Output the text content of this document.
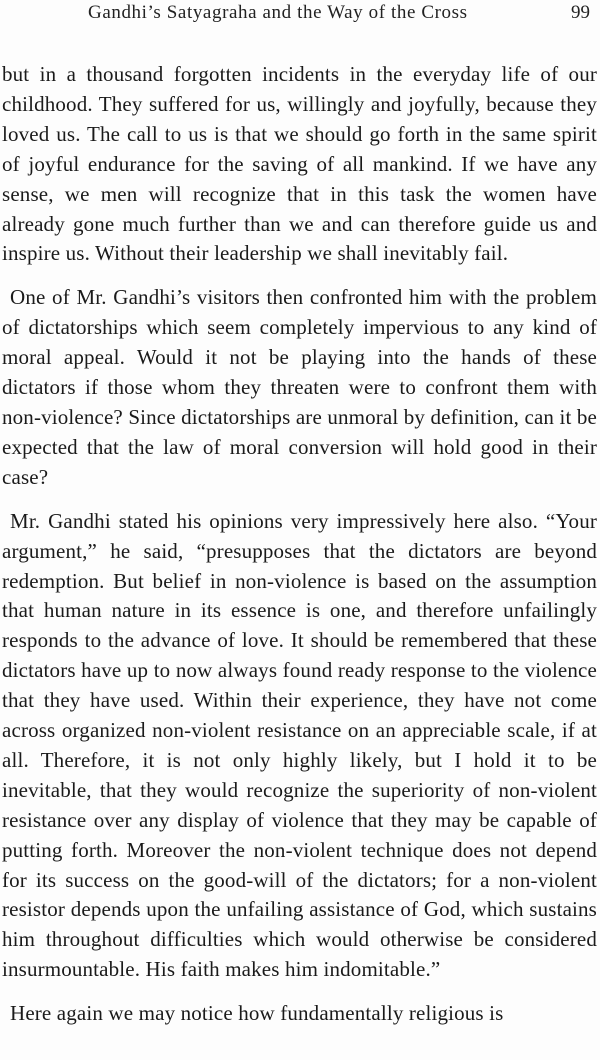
Gandhi’s Satyagraha and the Way of the Cross	99

but in a thousand forgotten incidents in the everyday life of our childhood. They suffered for us, willingly and joyfully, because they loved us. The call to us is that we should go forth in the same spirit of joyful endurance for the saving of all mankind. If we have any sense, we men will recognize that in this task the women have already gone much further than we and can therefore guide us and inspire us. Without their leadership we shall inevitably fail.

One of Mr. Gandhi’s visitors then confronted him with the problem of dictatorships which seem completely impervious to any kind of moral appeal. Would it not be playing into the hands of these dictators if those whom they threaten were to confront them with non-violence? Since dictatorships are unmoral by definition, can it be expected that the law of moral conversion will hold good in their case?

Mr. Gandhi stated his opinions very impressively here also. “Your argument,” he said, “presupposes that the dictators are beyond redemption. But belief in non-violence is based on the assumption that human nature in its essence is one, and therefore unfailingly responds to the advance of love. It should be remembered that these dictators have up to now always found ready response to the violence that they have used. Within their experience, they have not come across organized non-violent resistance on an appreciable scale, if at all. Therefore, it is not only highly likely, but I hold it to be inevitable, that they would recognize the superiority of non-violent resistance over any display of violence that they may be capable of putting forth. Moreover the non-violent technique does not depend for its success on the good-will of the dictators; for a non-violent resistor depends upon the unfailing assistance of God, which sustains him throughout difficulties which would otherwise be considered insurmountable. His faith makes him indomitable.”

Here again we may notice how fundamentally religious is
